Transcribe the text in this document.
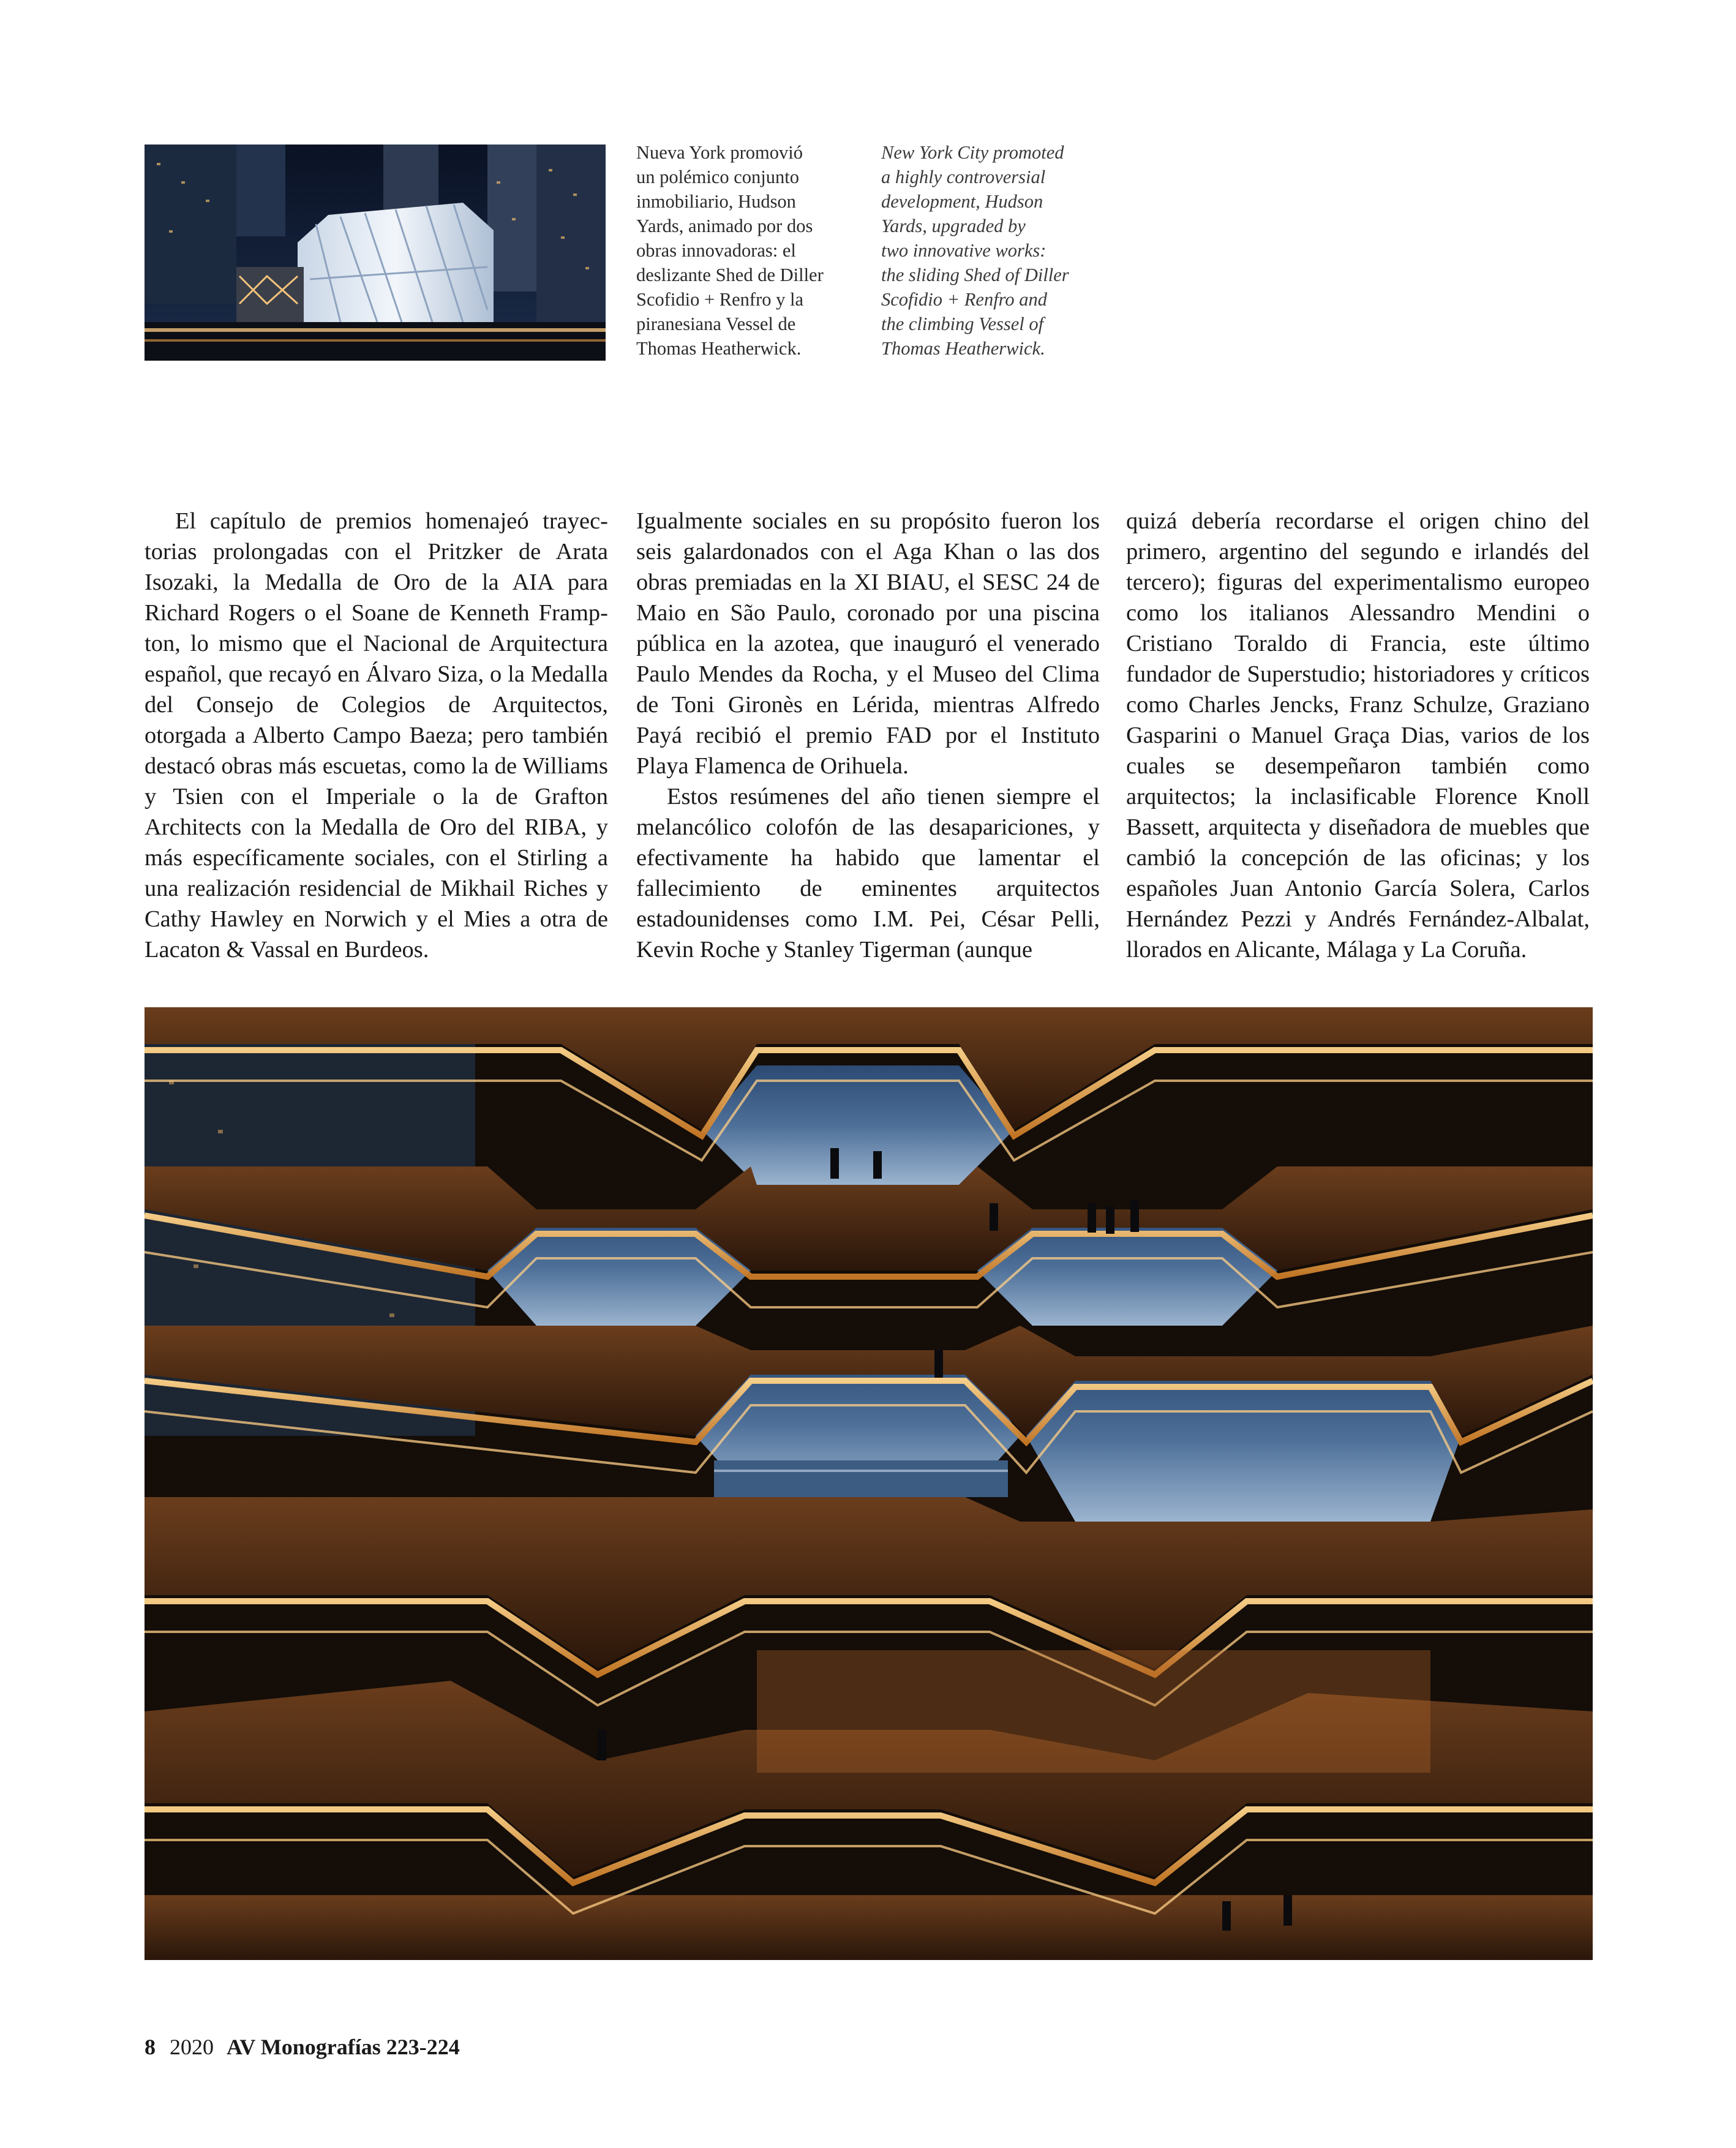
Nueva York promovió
un polémico conjunto
inmobiliario, Hudson
Yards, animado por dos
obras innovadoras: el
deslizante Shed de Diller
Scofidio + Renfro y la
piranesiana Vessel de
Thomas Heatherwick.
New York City promoted
a highly controversial
development, Hudson
Yards, upgraded by
two innovative works:
the sliding Shed of Diller
Scofidio + Renfro and
the climbing Vessel of
Thomas Heatherwick.

El capítulo de premios homenajeó trayectorias prolongadas con el Pritzker de Arata Isozaki, la Medalla de Oro de la AIA para Richard Rogers o el Soane de Kenneth Frampton, lo mismo que el Nacional de Arquitectura español, que recayó en Álvaro Siza, o la Medalla del Consejo de Colegios de Arquitectos, otorgada a Alberto Campo Baeza; pero también destacó obras más escuetas, como la de Williams y Tsien con el Imperiale o la de Grafton Architects con la Medalla de Oro del RIBA, y más específicamente sociales, con el Stirling a una realización residencial de Mikhail Riches y Cathy Hawley en Norwich y el Mies a otra de Lacaton & Vassal en Burdeos.

Igualmente sociales en su propósito fueron los seis galardonados con el Aga Khan o las dos obras premiadas en la XI BIAU, el SESC 24 de Maio en São Paulo, coronado por una piscina pública en la azotea, que inauguró el venerado Paulo Mendes da Rocha, y el Museo del Clima de Toni Gironès en Lérida, mientras Alfredo Payá recibió el premio FAD por el Instituto Playa Flamenca de Orihuela.

Estos resúmenes del año tienen siempre el melancólico colofón de las desapariciones, y efectivamente ha habido que lamentar el fallecimiento de eminentes arquitectos estadounidenses como I.M. Pei, César Pelli, Kevin Roche y Stanley Tigerman (aunque

quizá debería recordarse el origen chino del primero, argentino del segundo e irlandés del tercero); figuras del experimentalismo europeo como los italianos Alessandro Mendini o Cristiano Toraldo di Francia, este último fundador de Superstudio; historiadores y críticos como Charles Jencks, Franz Schulze, Graziano Gasparini o Manuel Graça Dias, varios de los cuales se desempeñaron también como arquitectos; la inclasificable Florence Knoll Bassett, arquitecta y diseñadora de muebles que cambió la concepción de las oficinas; y los españoles Juan Antonio García Solera, Carlos Hernández Pezzi y Andrés Fernández-Albalat, llorados en Alicante, Málaga y La Coruña.

8 2020 AV Monografías 223-224
